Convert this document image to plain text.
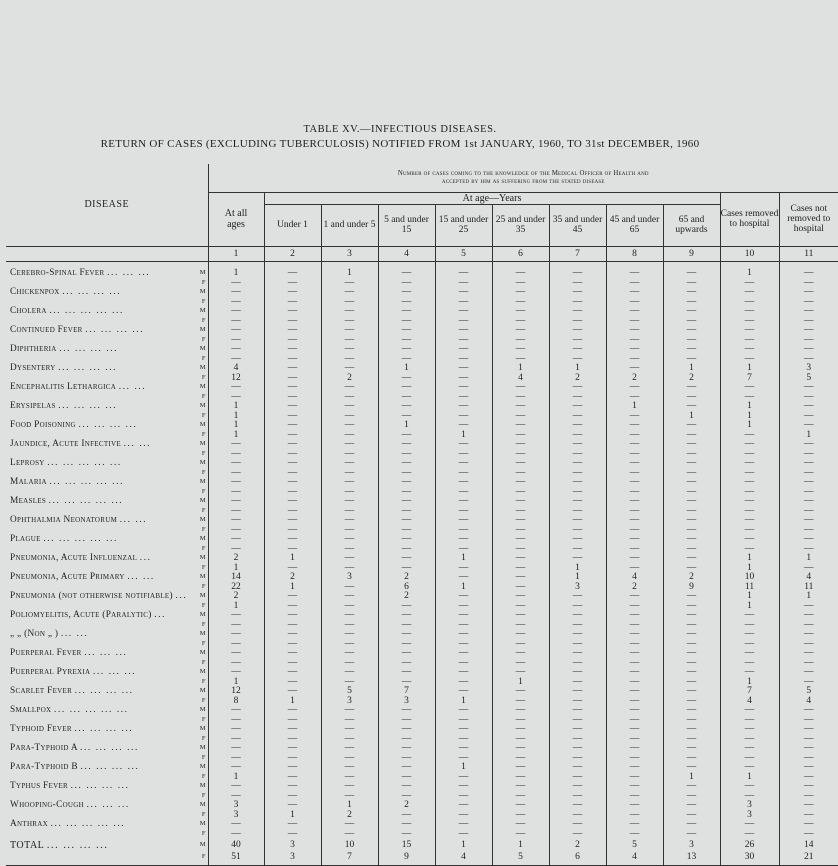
TABLE XV.—INFECTIOUS DISEASES.
RETURN OF CASES (EXCLUDING TUBERCULOSIS) NOTIFIED FROM 1st JANUARY, 1960, TO 31st DECEMBER, 1960
DISEASE		Number of cases coming to the knowledge of the Medical Officer of Health and
accepted by him as suffering from the stated disease										

		At all ages	At age—Years								Cases removed to hospital	Cases not removed to hospital
			Under 1	1 and under 5	5 and under 15	15 and under 25	25 and under 35	35 and under 45	45 and under 65	65 and upwards		
		1	2	3	4	5	6	7	8	9	10	11
Cerebro-Spinal Fever ... ... ...	M	1	—	1	—	—	—	—	—	—	1	—
	F	—	—	—	—	—	—	—	—	—	—	—
Chickenpox ... ... ... ...	M	—	—	—	—	—	—	—	—	—	—	—
	F	—	—	—	—	—	—	—	—	—	—	—
Cholera ... ... ... ... ...	M	—	—	—	—	—	—	—	—	—	—	—
	F	—	—	—	—	—	—	—	—	—	—	—
Continued Fever ... ... ... ...	M	—	—	—	—	—	—	—	—	—	—	—
	F	—	—	—	—	—	—	—	—	—	—	—
Diphtheria ... ... ... ...	M	—	—	—	—	—	—	—	—	—	—	—
	F	—	—	—	—	—	—	—	—	—	—	—
Dysentery ... ... ... ...	M	4	—	—	1	—	1	1	—	1	1	3
	F	12	—	2	—	—	4	2	2	2	7	5
Encephalitis Lethargica ... ...	M	—	—	—	—	—	—	—	—	—	—	—
	F	—	—	—	—	—	—	—	—	—	—	—
Erysipelas ... ... ... ...	M	1	—	—	—	—	—	—	1	—	1	—
	F	1	—	—	—	—	—	—	—	1	1	—
Food Poisoning ... ... ... ...	M	1	—	—	1	—	—	—	—	—	1	—
	F	1	—	—	—	1	—	—	—	—	—	1
Jaundice, Acute Infective ... ...	M	—	—	—	—	—	—	—	—	—	—	—
	F	—	—	—	—	—	—	—	—	—	—	—
Leprosy ... ... ... ... ...	M	—	—	—	—	—	—	—	—	—	—	—
	F	—	—	—	—	—	—	—	—	—	—	—
Malaria ... ... ... ... ...	M	—	—	—	—	—	—	—	—	—	—	—
	F	—	—	—	—	—	—	—	—	—	—	—
Measles ... ... ... ... ...	M	—	—	—	—	—	—	—	—	—	—	—
	F	—	—	—	—	—	—	—	—	—	—	—
Ophthalmia Neonatorum ... ...	M	—	—	—	—	—	—	—	—	—	—	—
	F	—	—	—	—	—	—	—	—	—	—	—
Plague ... ... ... ... ...	M	—	—	—	—	—	—	—	—	—	—	—
	F	—	—	—	—	—	—	—	—	—	—	—
Pneumonia, Acute Influenzal ...	M	2	1	—	—	1	—	—	—	—	1	1
	F	1	—	—	—	—	—	1	—	—	1	—
Pneumonia, Acute Primary ... ...	M	14	2	3	2	—	—	1	4	2	10	4
	F	22	1	—	6	1	—	3	2	9	11	11
Pneumonia (not otherwise notifiable) ...	M	2	—	—	2	—	—	—	—	—	1	1
	F	1	—	—	—	—	—	—	—	—	1	—
Poliomyelitis, Acute (Paralytic) ...	M	—	—	—	—	—	—	—	—	—	—	—
	F	—	—	—	—	—	—	—	—	—	—	—
„ „ (Non „ ) ... ...	M	—	—	—	—	—	—	—	—	—	—	—
	F	—	—	—	—	—	—	—	—	—	—	—
Puerperal Fever ... ... ...	M	—	—	—	—	—	—	—	—	—	—	—
	F	—	—	—	—	—	—	—	—	—	—	—
Puerperal Pyrexia ... ... ...	M	—	—	—	—	—	—	—	—	—	—	—
	F	1	—	—	—	—	1	—	—	—	1	—
Scarlet Fever ... ... ... ...	M	12	—	5	7	—	—	—	—	—	7	5
	F	8	1	3	3	1	—	—	—	—	4	4
Smallpox ... ... ... ... ...	M	—	—	—	—	—	—	—	—	—	—	—
	F	—	—	—	—	—	—	—	—	—	—	—
Typhoid Fever ... ... ... ...	M	—	—	—	—	—	—	—	—	—	—	—
	F	—	—	—	—	—	—	—	—	—	—	—
Para-Typhoid A ... ... ... ...	M	—	—	—	—	—	—	—	—	—	—	—
	F	—	—	—	—	—	—	—	—	—	—	—
Para-Typhoid B ... ... ... ...	M	—	—	—	—	1	—	—	—	—	—	—
	F	1	—	—	—	—	—	—	—	1	1	—
Typhus Fever ... ... ... ...	M	—	—	—	—	—	—	—	—	—	—	—
	F	—	—	—	—	—	—	—	—	—	—	—
Whooping-Cough ... ... ...	M	3	—	1	2	—	—	—	—	—	3	—
	F	3	1	2	—	—	—	—	—	—	3	—
Anthrax ... ... ... ... ...	M	—	—	—	—	—	—	—	—	—	—	—
	F	—	—	—	—	—	—	—	—	—	—	—
TOTAL ... ... ... ...	M	40	3	10	15	1	1	2	5	3	26	14
	F	51	3	7	9	4	5	6	4	13	30	21
